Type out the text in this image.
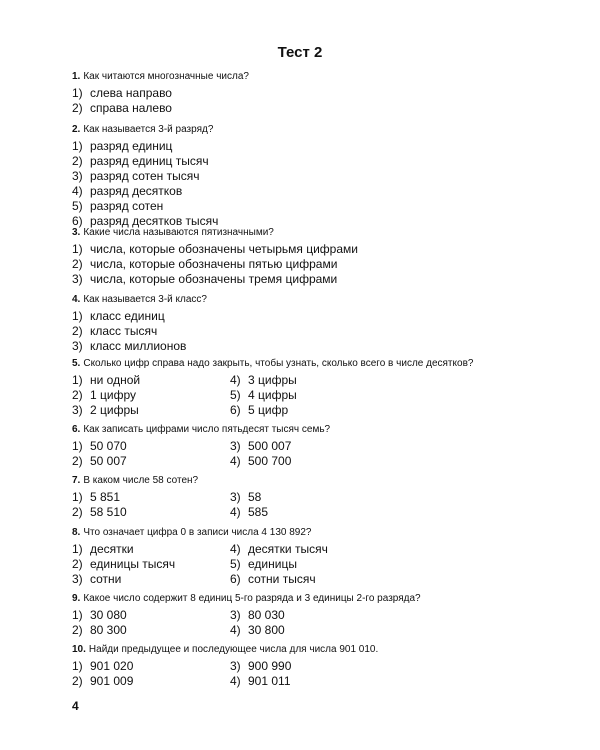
Тест 2
1. Как читаются многозначные числа?
1) слева направо
2) справа налево
2. Как называется 3-й разряд?
1) разряд единиц
2) разряд единиц тысяч
3) разряд сотен тысяч
4) разряд десятков
5) разряд сотен
6) разряд десятков тысяч
3. Какие числа называются пятизначными?
1) числа, которые обозначены четырьмя цифрами
2) числа, которые обозначены пятью цифрами
3) числа, которые обозначены тремя цифрами
4. Как называется 3-й класс?
1) класс единиц
2) класс тысяч
3) класс миллионов
5. Сколько цифр справа надо закрыть, чтобы узнать, сколько всего в числе десятков?
1) ни одной	4) 3 цифры
2) 1 цифру	5) 4 цифры
3) 2 цифры	6) 5 цифр
6. Как записать цифрами число пятьдесят тысяч семь?
1) 50 070	3) 500 007
2) 50 007	4) 500 700
7. В каком числе 58 сотен?
1) 5 851	3) 58
2) 58 510	4) 585
8. Что означает цифра 0 в записи числа 4 130 892?
1) десятки	4) десятки тысяч
2) единицы тысяч	5) единицы
3) сотни	6) сотни тысяч
9. Какое число содержит 8 единиц 5-го разряда и 3 единицы 2-го разряда?
1) 30 080	3) 80 030
2) 80 300	4) 30 800
10. Найди предыдущее и последующее числа для числа 901 010.
1) 901 020	3) 900 990
2) 901 009	4) 901 011
4
